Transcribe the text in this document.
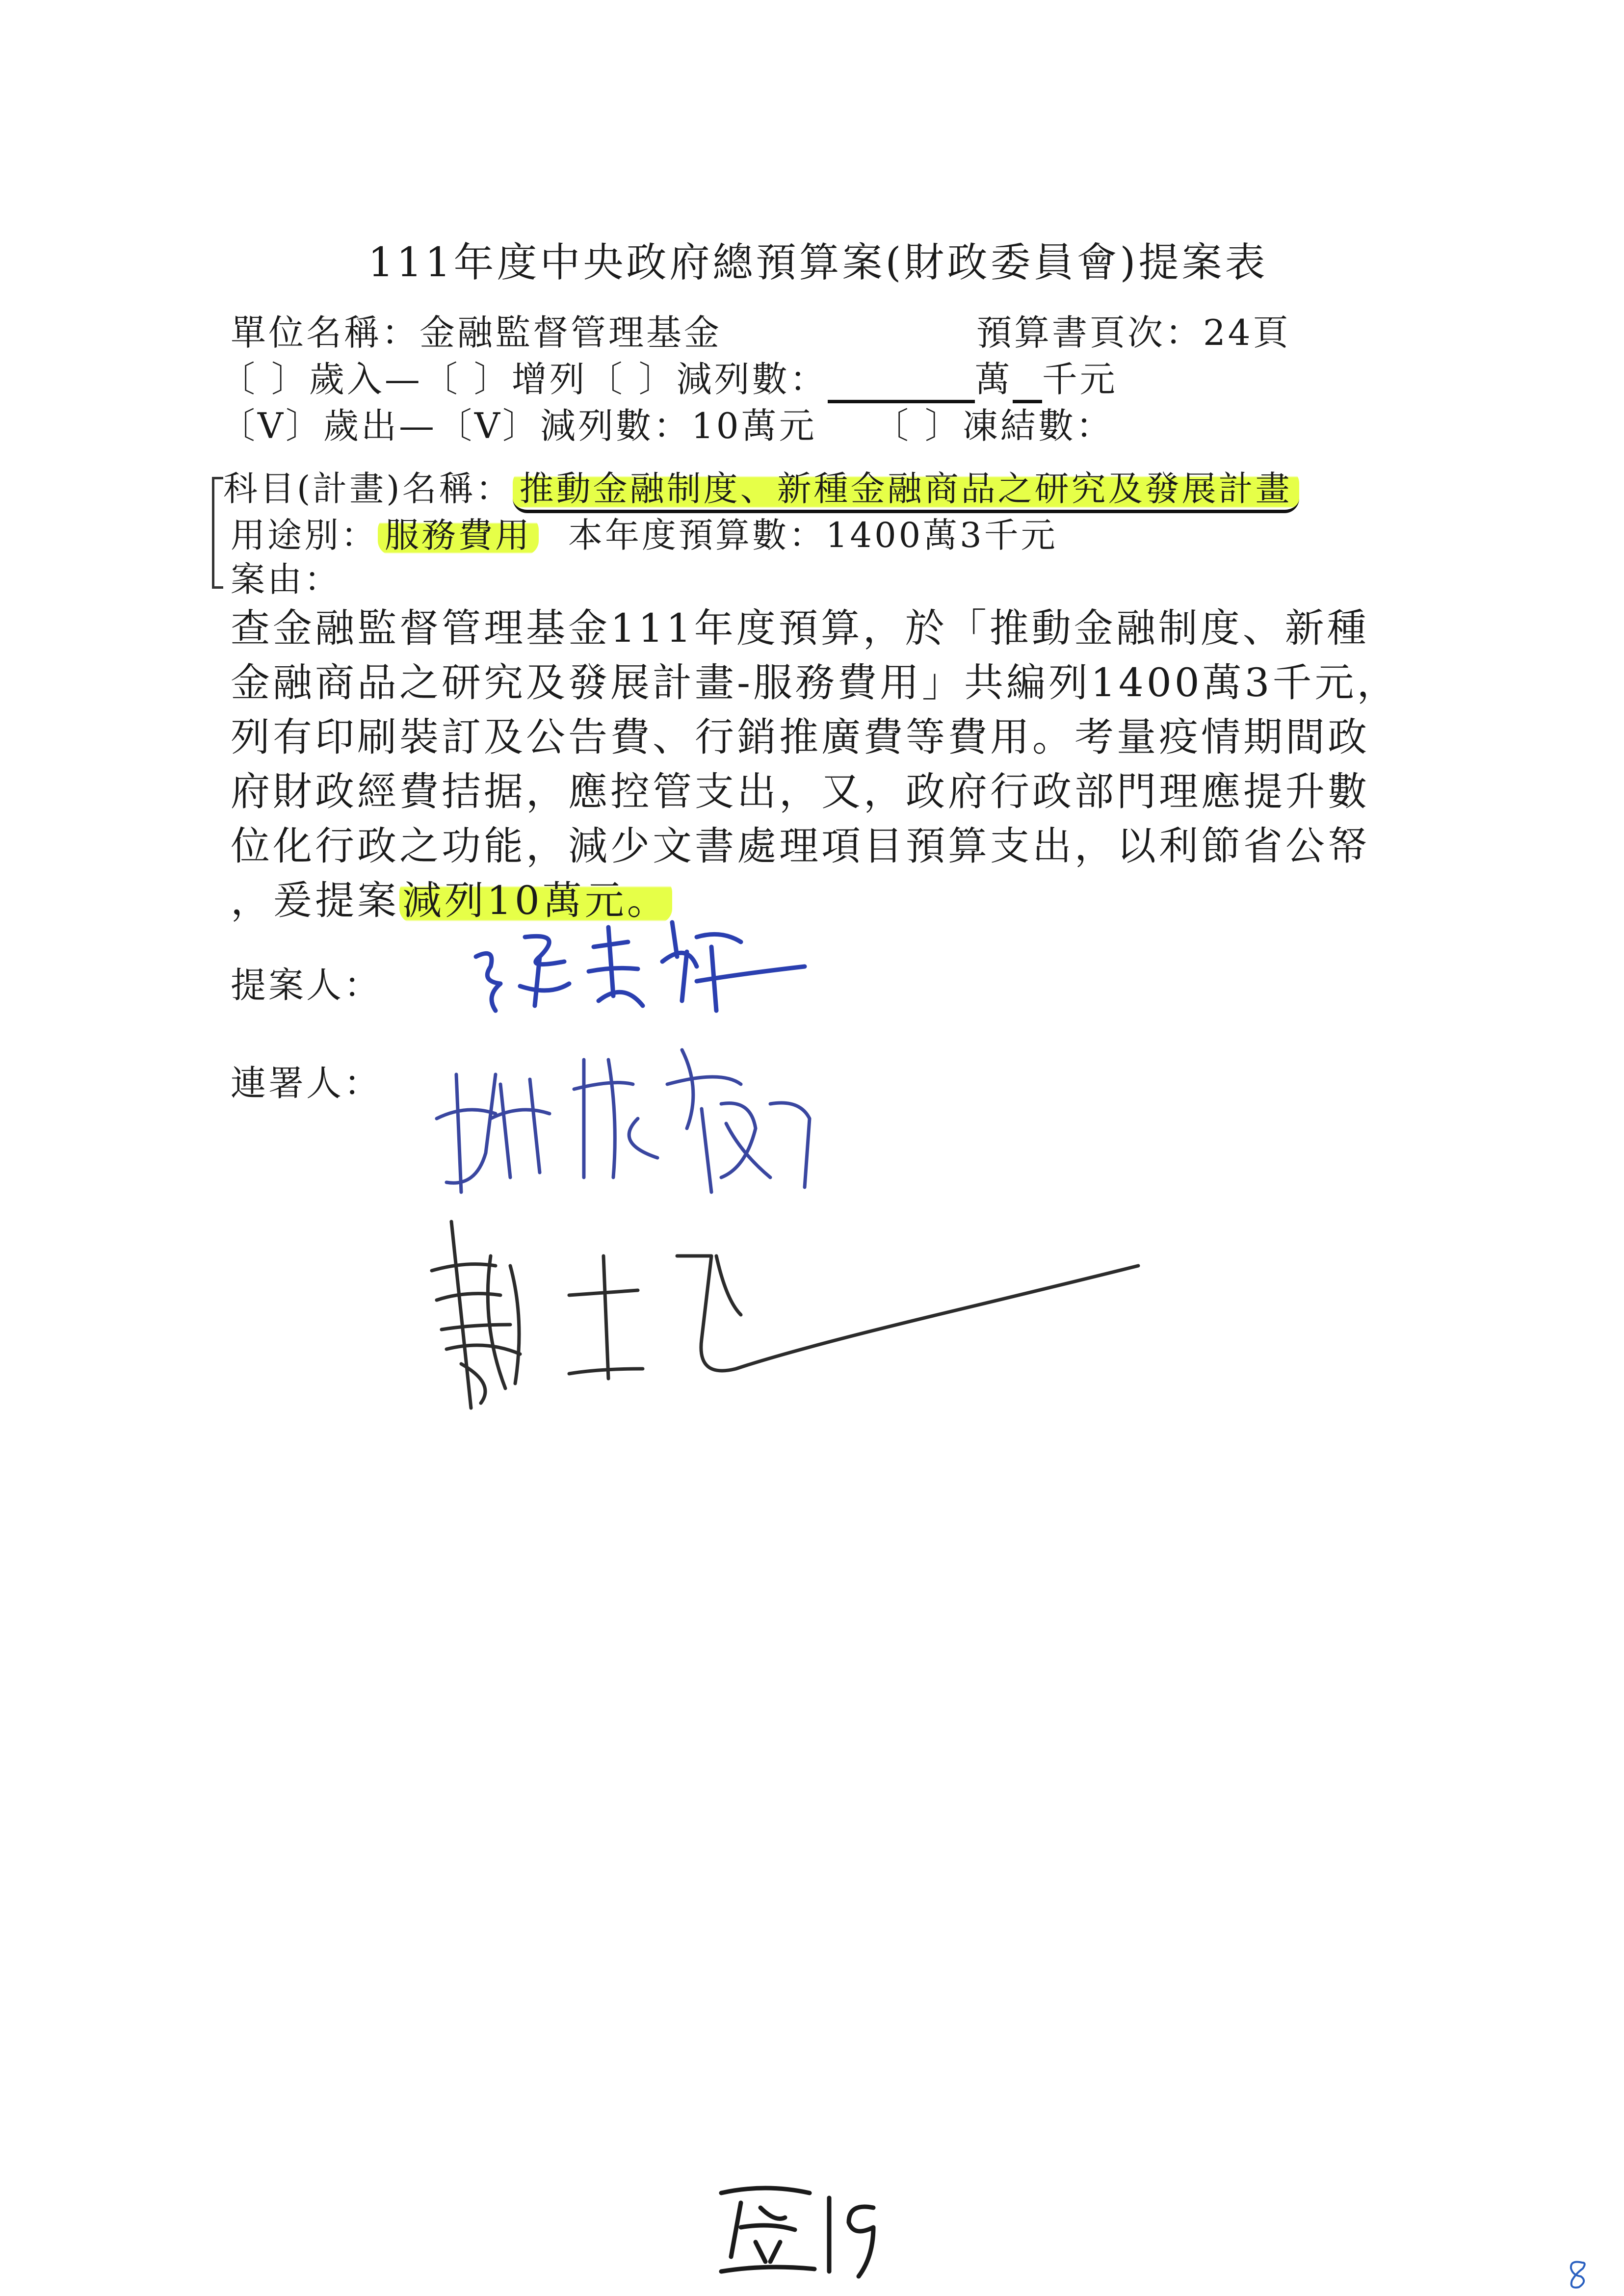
111年度中央政府總預算案(財政委員會)提案表
單位名稱：金融監督管理基金	預算書頁次：24頁
〔 〕歲入—〔 〕增列〔 〕減列數：	萬 千元
〔V〕歲出—〔V〕減列數：10萬元 〔 〕凍結數：
科目(計畫)名稱： 推動金融制度、新種金融商品之研究及發展計畫
用途別： 服務費用 本年度預算數：1400萬3千元
案由：

查金融監督管理基金111年度預算，於「推動金融制度、新種

金融商品之研究及發展計畫-服務費用」共編列1400萬3千元，

列有印刷裝訂及公告費、行銷推廣費等費用。考量疫情期間政

府財政經費拮据，應控管支出，又，政府行政部門理應提升數

位化行政之功能，減少文書處理項目預算支出，以利節省公帑

，爰提案減列10萬元。

提案人：
連署人：
